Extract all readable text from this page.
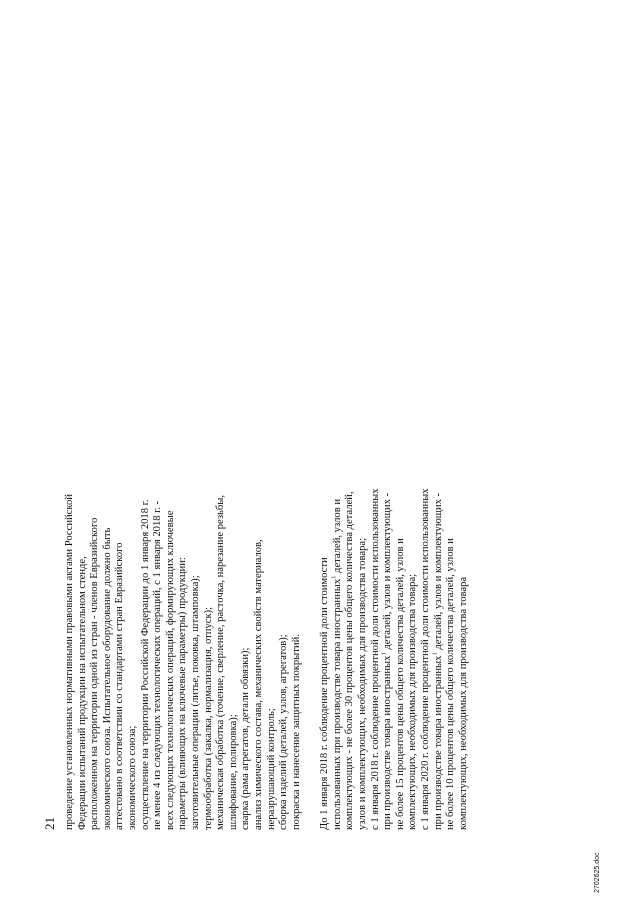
21 проведение установленных нормативными правовыми актами Российской Федерации испытаний продукции на испытательном стенде, расположенном на территории одной из стран - членов Евразийского экономического союза. Испытательное оборудование должно быть аттестовано в соответствии со стандартами стран Евразийского экономического союза; осуществление на территории Российской Федерации до 1 января 2018 г. не менее 4 из следующих технологических операций, с 1 января 2018 г. - всех следующих технологических операций, формирующих ключевые параметры (влияющих на ключевые параметры) продукции: заготовительные операции (литье, поковка, штамповка); термообработка (закалка, нормализация, отпуск); механическая обработка (точение, сверление, расточка, нарезание резьбы, шлифование, полировка); сварка (рама агрегатов, детали обвязки); анализ химического состава, механических свойств материалов, неразрушающий контроль; сборка изделий (деталей, узлов, агрегатов); покраска и нанесение защитных покрытий. До 1 января 2018 г. соблюдение процентной доли стоимости использованных при производстве товара иностранных$^1$ деталей, узлов и комплектующих - не более 30 процентов цены общего количества деталей, узлов и комплектующих, необходимых для производства товара; с 1 января 2018 г. соблюдение процентной доли стоимости использованных при производстве товара иностранных$^1$ деталей, узлов и комплектующих - не более 15 процентов цены общего количества деталей, узлов и комплектующих, необходимых для производства товара; с 1 января 2020 г. соблюдение процентной доли стоимости использованных при производстве товара иностранных$^1$ деталей, узлов и комплектующих - не более 10 процентов цены общего количества деталей, узлов и комплектующих, необходимых для производства товара
2702625.doc
